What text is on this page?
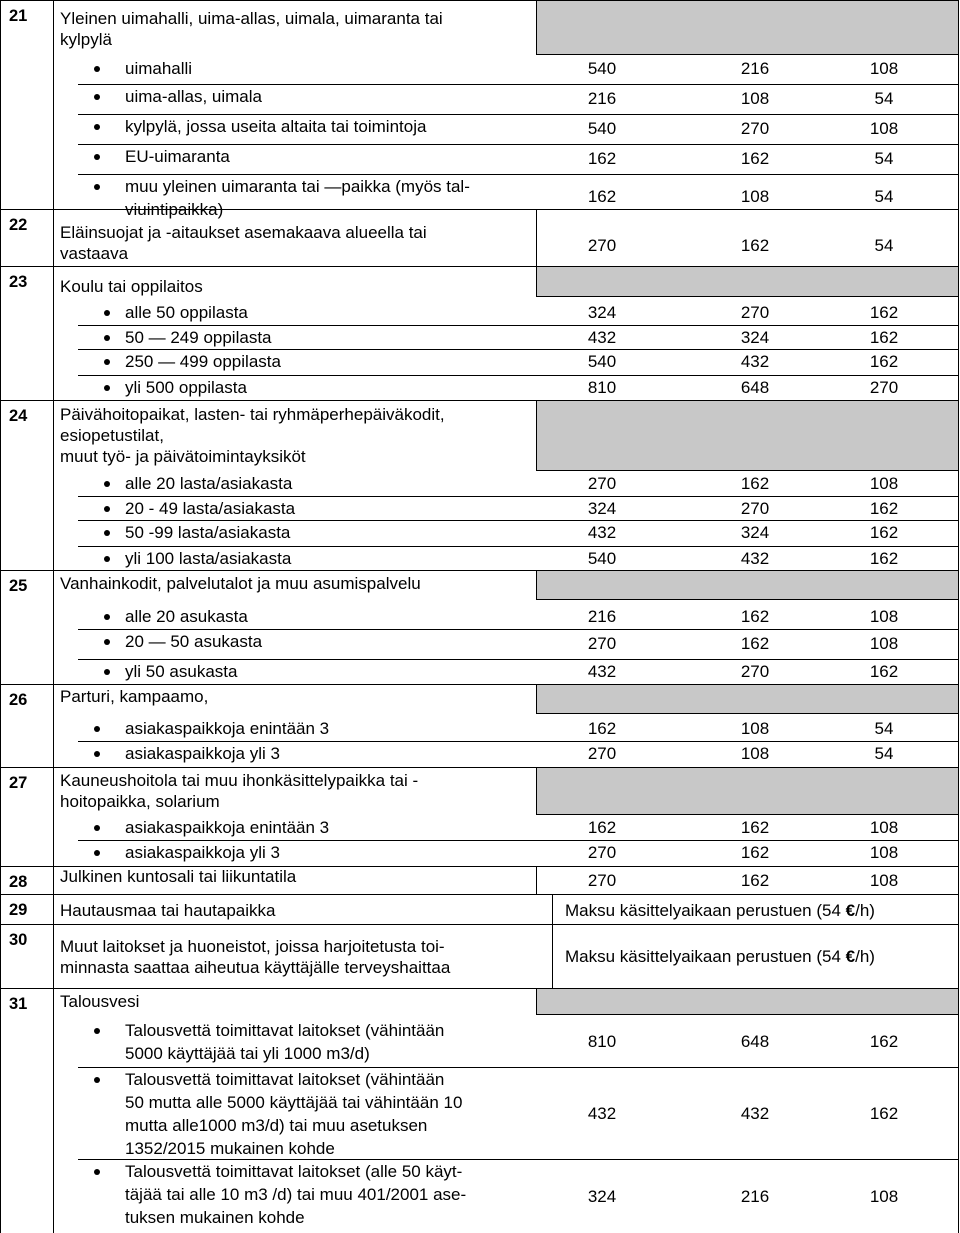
21 Yleinen uimahalli, uima-allas, uimala, uimaranta tai
kylpylä
uimahalli	540	216	108
uima-allas, uimala	216	108	54
kylpylä, jossa useita altaita tai toimintoja	540	270	108
EU-uimaranta	162	162	54
muu yleinen uimaranta tai —paikka (myös tal-
viuintipaikka)
162	108	54
22 Eläinsuojat ja -aitaukset asemakaava alueella tai
vastaava	270	162	54
23 Koulu tai oppilaitos
alle 50 oppilasta	324	270	162
50 — 249 oppilasta	432	324	162
250 — 499 oppilasta	540	432	162
yli 500 oppilasta	810	648	270
24 Päivähoitopaikat, lasten- tai ryhmäperhepäiväkodit,
esiopetustilat,
muut työ- ja päivätoimintayksiköt
alle 20 lasta/asiakasta	270	162	108
20 - 49 lasta/asiakasta	324	270	162
50 -99 lasta/asiakasta	432	324	162
yli 100 lasta/asiakasta	540	432	162
25 Vanhainkodit, palvelutalot ja muu asumispalvelu
alle 20 asukasta	216	162	108
20 — 50 asukasta	270	162	108
yli 50 asukasta	432	270	162
26 Parturi, kampaamo,
asiakaspaikkoja enintään 3	162	108	54
asiakaspaikkoja yli 3	270	108	54
27 Kauneushoitola tai muu ihonkäsittelypaikka tai -
hoitopaikka, solarium
asiakaspaikkoja enintään 3	162	162	108
asiakaspaikkoja yli 3	270	162	108
28 Julkinen kuntosali tai liikuntatila	270	162	108
29 Hautausmaa tai hautapaikka	Maksu käsittelyaikaan perustuen (54 €/h)
30 Muut laitokset ja huoneistot, joissa harjoitetusta toi-
minnasta saattaa aiheutua käyttäjälle terveyshaittaa
Maksu käsittelyaikaan perustuen (54 €/h)
31 Talousvesi
Talousvettä toimittavat laitokset (vähintään
5000 käyttäjää tai yli 1000 m3/d)
810	648	162
Talousvettä toimittavat laitokset (vähintään
50 mutta alle 5000 käyttäjää tai vähintään 10
mutta alle1000 m3/d) tai muu asetuksen
1352/2015 mukainen kohde
432	432	162
Talousvettä toimittavat laitokset (alle 50 käyt-
täjää tai alle 10 m3 /d) tai muu 401/2001 ase-
tuksen mukainen kohde
324	216	108
